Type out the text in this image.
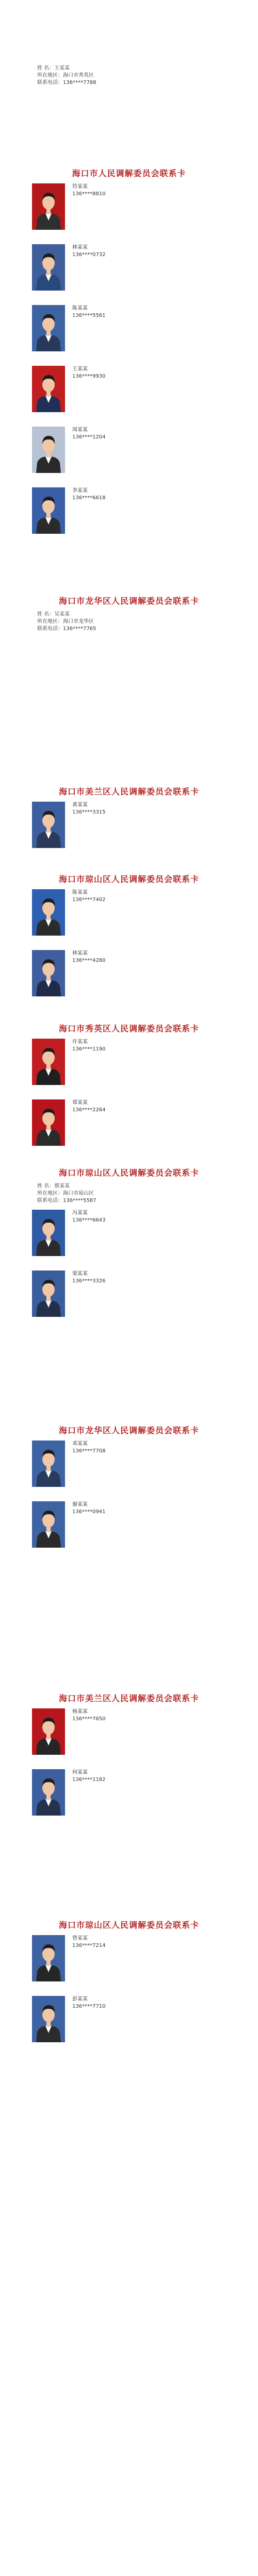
姓 名：王某某
所在地区：海口市秀英区
联系电话：136****7788
海口市人民调解委员会联系卡
符某某
136****8810
林某某
136****0732
陈某某
136****5561
王某某
136****9930
周某某
136****1204
李某某
136****6618
海口市龙华区人民调解委员会联系卡
姓 名：吴某某
所在地区：海口市龙华区
联系电话：136****7765
海口市美兰区人民调解委员会联系卡
黄某某
136****3315
海口市琼山区人民调解委员会联系卡
陈某某
136****7402
林某某
136****4280
海口市秀英区人民调解委员会联系卡
许某某
136****1190
郑某某
136****2264
海口市琼山区人民调解委员会联系卡
姓 名：蔡某某
所在地区：海口市琼山区
联系电话：136****5587
冯某某
136****6643
梁某某
136****3326
海口市龙华区人民调解委员会联系卡
邓某某
136****7708
谢某某
136****0941
海口市美兰区人民调解委员会联系卡
杨某某
136****7650
何某某
136****1182
海口市琼山区人民调解委员会联系卡
曾某某
136****7214
彭某某
136****7710
